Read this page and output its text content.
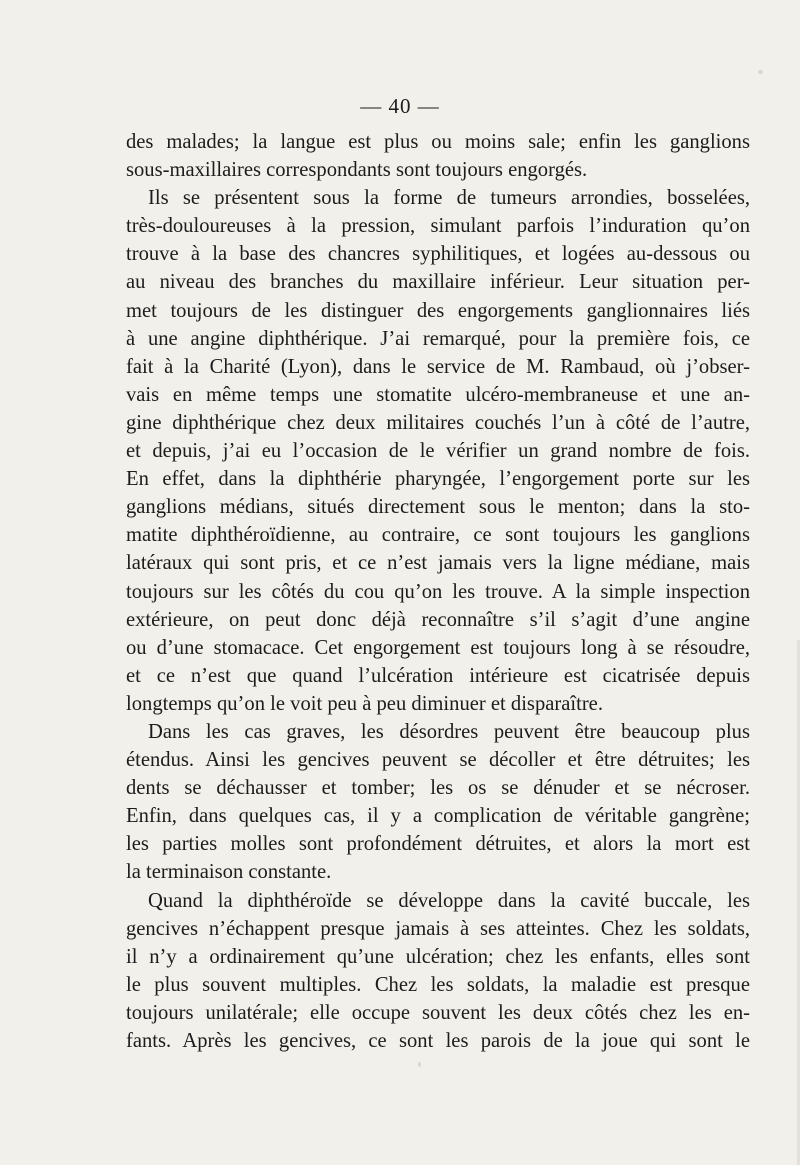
— 40 —
des malades; la langue est plus ou moins sale; enfin les ganglions
sous-maxillaires correspondants sont toujours engorgés.
Ils se présentent sous la forme de tumeurs arrondies, bosselées,
très-douloureuses à la pression, simulant parfois l’induration qu’on
trouve à la base des chancres syphilitiques, et logées au-dessous ou
au niveau des branches du maxillaire inférieur. Leur situation per-
met toujours de les distinguer des engorgements ganglionnaires liés
à une angine diphthérique. J’ai remarqué, pour la première fois, ce
fait à la Charité (Lyon), dans le service de M. Rambaud, où j’obser-
vais en même temps une stomatite ulcéro-membraneuse et une an-
gine diphthérique chez deux militaires couchés l’un à côté de l’autre,
et depuis, j’ai eu l’occasion de le vérifier un grand nombre de fois.
En effet, dans la diphthérie pharyngée, l’engorgement porte sur les
ganglions médians, situés directement sous le menton; dans la sto-
matite diphthéroïdienne, au contraire, ce sont toujours les ganglions
latéraux qui sont pris, et ce n’est jamais vers la ligne médiane, mais
toujours sur les côtés du cou qu’on les trouve. A la simple inspection
extérieure, on peut donc déjà reconnaître s’il s’agit d’une angine
ou d’une stomacace. Cet engorgement est toujours long à se résoudre,
et ce n’est que quand l’ulcération intérieure est cicatrisée depuis
longtemps qu’on le voit peu à peu diminuer et disparaître.
Dans les cas graves, les désordres peuvent être beaucoup plus
étendus. Ainsi les gencives peuvent se décoller et être détruites; les
dents se déchausser et tomber; les os se dénuder et se nécroser.
Enfin, dans quelques cas, il y a complication de véritable gangrène;
les parties molles sont profondément détruites, et alors la mort est
la terminaison constante.
Quand la diphthéroïde se développe dans la cavité buccale, les
gencives n’échappent presque jamais à ses atteintes. Chez les soldats,
il n’y a ordinairement qu’une ulcération; chez les enfants, elles sont
le plus souvent multiples. Chez les soldats, la maladie est presque
toujours unilatérale; elle occupe souvent les deux côtés chez les en-
fants. Après les gencives, ce sont les parois de la joue qui sont le
